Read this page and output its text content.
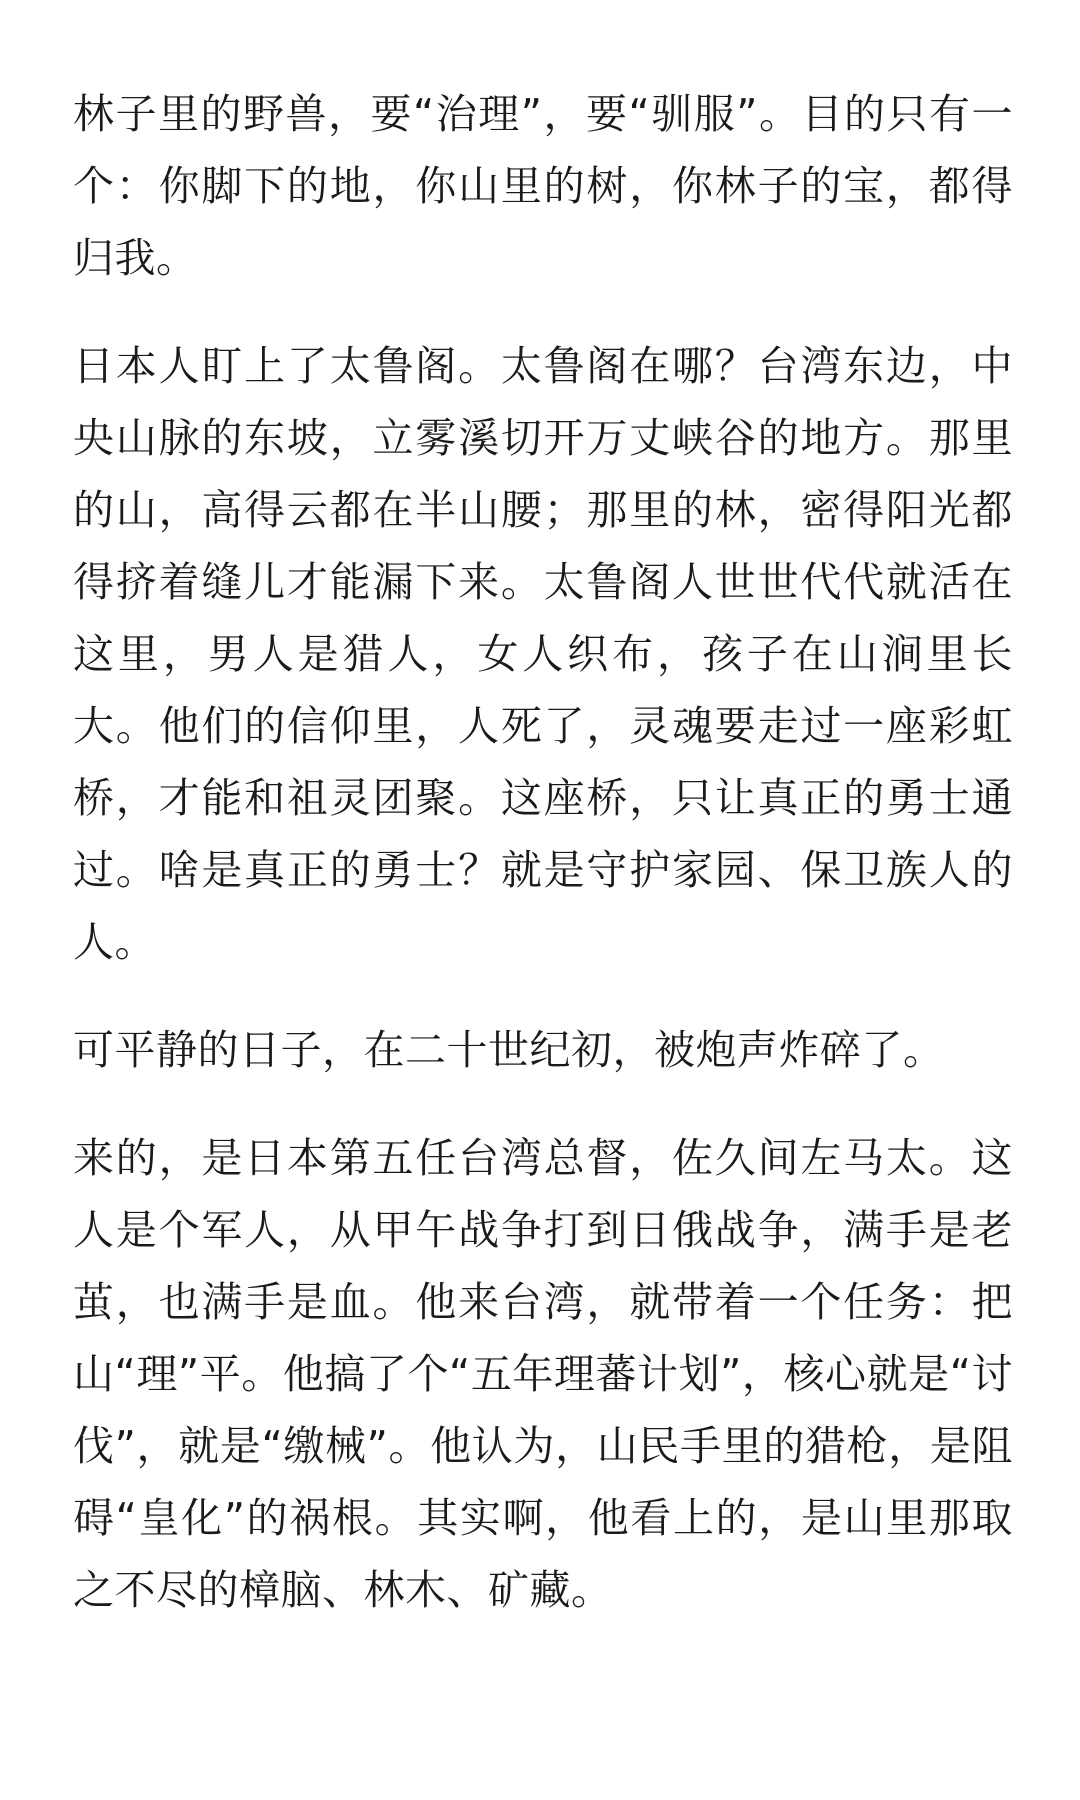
林子里的野兽，要“治理”，要“驯服”。目的只有一个：你脚下的地，你山里的树，你林子的宝，都得归我。

日本人盯上了太鲁阁。太鲁阁在哪？台湾东边，中央山脉的东坡，立雾溪切开万丈峡谷的地方。那里的山，高得云都在半山腰；那里的林，密得阳光都得挤着缝儿才能漏下来。太鲁阁人世世代代就活在这里，男人是猎人，女人织布，孩子在山涧里长大。他们的信仰里，人死了，灵魂要走过一座彩虹桥，才能和祖灵团聚。这座桥，只让真正的勇士通过。啥是真正的勇士？就是守护家园、保卫族人的人。

可平静的日子，在二十世纪初，被炮声炸碎了。

来的，是日本第五任台湾总督，佐久间左马太。这人是个军人，从甲午战争打到日俄战争，满手是老茧，也满手是血。他来台湾，就带着一个任务：把山“理”平。他搞了个“五年理蕃计划”，核心就是“讨伐”，就是“缴械”。他认为，山民手里的猎枪，是阻碍“皇化”的祸根。其实啊，他看上的，是山里那取之不尽的樟脑、林木、矿藏。
